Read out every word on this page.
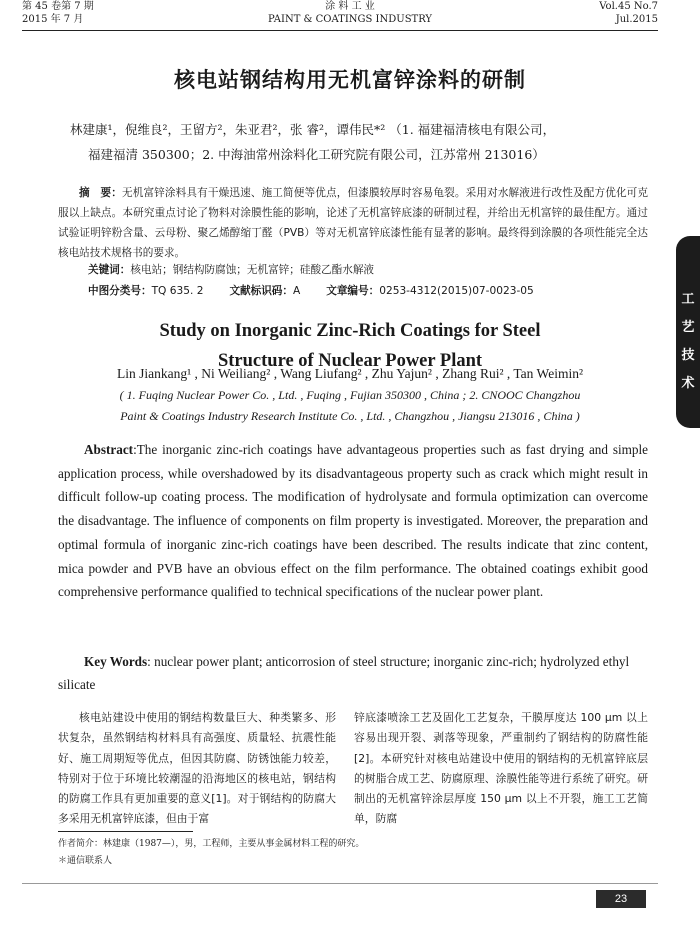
第 45 卷第 7 期
2015 年 7 月
涂 料 工 业
PAINT & COATINGS INDUSTRY
Vol.45 No.7
Jul.2015
核电站钢结构用无机富锌涂料的研制
林建康¹，倪维良²，王留方²，朱亚君²，张 睿²，谭伟民*² （1. 福建福清核电有限公司，
福建福清 350300；2. 中海油常州涂料化工研究院有限公司，江苏常州 213016）
摘　要：无机富锌涂料具有干燥迅速、施工简便等优点，但漆膜较厚时容易龟裂。采用对水解液进行改性及配方优化可克服以上缺点。本研究重点讨论了物料对涂膜性能的影响，论述了无机富锌底漆的研制过程，并给出无机富锌的最佳配方。通过试验证明锌粉含量、云母粉、聚乙烯醇缩丁醛（PVB）等对无机富锌底漆性能有显著的影响。最终得到涂膜的各项性能完全达核电站技术规格书的要求。
关键词：核电站；钢结构防腐蚀；无机富锌；硅酸乙酯水解液
中图分类号：TQ 635. 2 文献标识码：A 文章编号：0253-4312(2015)07-0023-05
Study on Inorganic Zinc-Rich Coatings for Steel
Structure of Nuclear Power Plant
Lin Jiankang¹ , Ni Weiliang² , Wang Liufang² , Zhu Yajun² , Zhang Rui² , Tan Weimin²
( 1. Fuqing Nuclear Power Co. , Ltd. , Fuqing , Fujian 350300 , China ; 2. CNOOC Changzhou
Paint & Coatings Industry Research Institute Co. , Ltd. , Changzhou , Jiangsu 213016 , China )
Abstract:The inorganic zinc-rich coatings have advantageous properties such as fast drying and simple application process, while overshadowed by its disadvantageous property such as crack which might result in difficult follow-up coating process. The modification of hydrolysate and formula optimization can overcome the disadvantage. The influence of components on film property is investigated. Moreover, the preparation and optimal formula of inorganic zinc-rich coatings have been described. The results indicate that zinc content, mica powder and PVB have an obvious effect on the film performance. The obtained coatings exhibit good comprehensive performance qualified to technical specifications of the nuclear power plant.
Key Words: nuclear power plant; anticorrosion of steel structure; inorganic zinc-rich; hydrolyzed ethyl silicate
核电站建设中使用的钢结构数量巨大、种类繁多、形状复杂，虽然钢结构材料具有高强度、质量轻、抗震性能好、施工周期短等优点，但因其防腐、防锈蚀能力较差，特别对于位于环境比较潮湿的沿海地区的核电站，钢结构的防腐工作具有更加重要的意义[1]。对于钢结构的防腐大多采用无机富锌底漆，但由于富
锌底漆喷涂工艺及固化工艺复杂，干膜厚度达 100 μm 以上容易出现开裂、剥落等现象，严重制约了钢结构的防腐性能[2]。本研究针对核电站建设中使用的钢结构的无机富锌底层的树脂合成工艺、防腐原理、涂膜性能等进行系统了研究。研制出的无机富锌涂层厚度 150 μm 以上不开裂，施工工艺简单，防腐
作者简介：林建康（1987—），男，工程师，主要从事金属材料工程的研究。
＊通信联系人
23
工
艺
技
术
